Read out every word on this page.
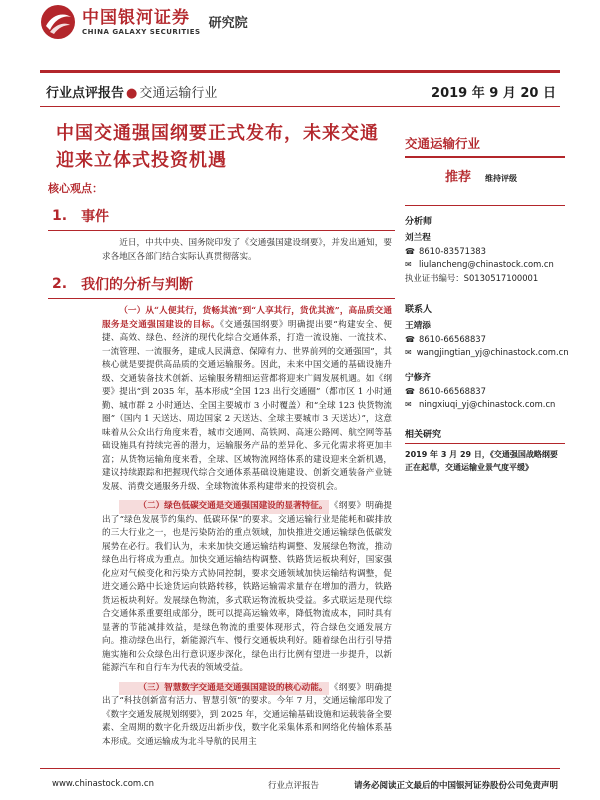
中国银河证券
CHINA GALAXY SECURITIES
研究院
行业点评报告 ● 交通运输行业	2019 年 9 月 20 日
中国交通强国纲要正式发布，未来交通迎来立体式投资机遇
核心观点：
1. 事件

近日，中共中央、国务院印发了《交通强国建设纲要》，并发出通知，要求各地区各部门结合实际认真贯彻落实。

2. 我们的分析与判断

（一）从“人便其行，货畅其流”到“人享其行，货优其流”，高品质交通服务是交通强国建设的目标。《交通强国纲要》明确提出要“构建安全、便捷、高效、绿色、经济的现代化综合交通体系，打造一流设施、一流技术、一流管理、一流服务，建成人民满意、保障有力、世界前列的交通强国”，其核心就是要提供高品质的交通运输服务。因此，未来中国交通的基础设施升级、交通装备技术创新、运输服务精细运营都将迎来广阔发展机遇。如《纲要》提出“到 2035 年，基本形成“全国 123 出行交通圈”（都市区 1 小时通勤、城市群 2 小时通达、全国主要城市 3 小时覆盖）和“全球 123 快货物流圈”（国内 1 天送达、周边国家 2 天送达、全球主要城市 3 天送达）”，这意味着从公众出行角度来看，城市交通网、高铁网、高速公路网、航空网等基础设施具有持续完善的潜力，运输服务产品的差异化、多元化需求将更加丰富；从货物运输角度来看，全球、区域物流网络体系的建设迎来全新机遇，建议持续跟踪和把握现代综合交通体系基础设施建设、创新交通装备产业链发展、消费交通服务升级、全球物流体系构建带来的投资机会。

（二）绿色低碳交通是交通强国建设的显著特征。 《纲要》明确提出了“绿色发展节约集约、低碳环保”的要求。交通运输行业是能耗和碳排放的三大行业之一，也是污染防治的重点领域，加快推进交通运输绿色低碳发展势在必行。我们认为，未来加快交通运输结构调整、发展绿色物流，推动绿色出行将成为重点。加快交通运输结构调整、铁路货运板块利好，国家强化应对气候变化和污染方式协同控制，要求交通领域加快运输结构调整，促进交通公路中长途货运向铁路转移，铁路运输需求量存在增加的潜力，铁路货运板块利好。发展绿色物流，多式联运物流板块受益。多式联运是现代综合交通体系重要组成部分，既可以提高运输效率，降低物流成本，同时具有显著的节能减排效益，是绿色物流的重要体现形式，符合绿色交通发展方向。推动绿色出行，新能源汽车、慢行交通板块利好。随着绿色出行引导措施实施和公众绿色出行意识逐步深化，绿色出行比例有望进一步提升，以新能源汽车和自行车为代表的领域受益。

（三）智慧数字交通是交通强国建设的核心动能。 《纲要》明确提出了“科技创新富有活力、智慧引领”的要求。今年 7 月，交通运输部印发了《数字交通发展规划纲要》，到 2025 年，交通运输基础设施和运载装备全要素、全周期的数字化升级迈出新步伐，数字化采集体系和网络化传输体系基本形成。交通运输成为北斗导航的民用主

交通运输行业
推荐 维持评级
分析师
刘兰程
☎ 8610-83571383
✉ liulancheng@chinastock.com.cn
执业证书编号：S0130517100001
联系人
王靖添
☎ 8610-66568837
✉ wangjingtian_yj@chinastock.com.cn
宁修齐
☎ 8610-66568837
✉ ningxiuqi_yj@chinastock.com.cn
相关研究
2019 年 3 月 29 日，《交通强国战略纲要正在起草，交通运输业景气度平缓》
www.chinastock.com.cn	行业点评报告	请务必阅读正文最后的中国银河证券股份公司免责声明
